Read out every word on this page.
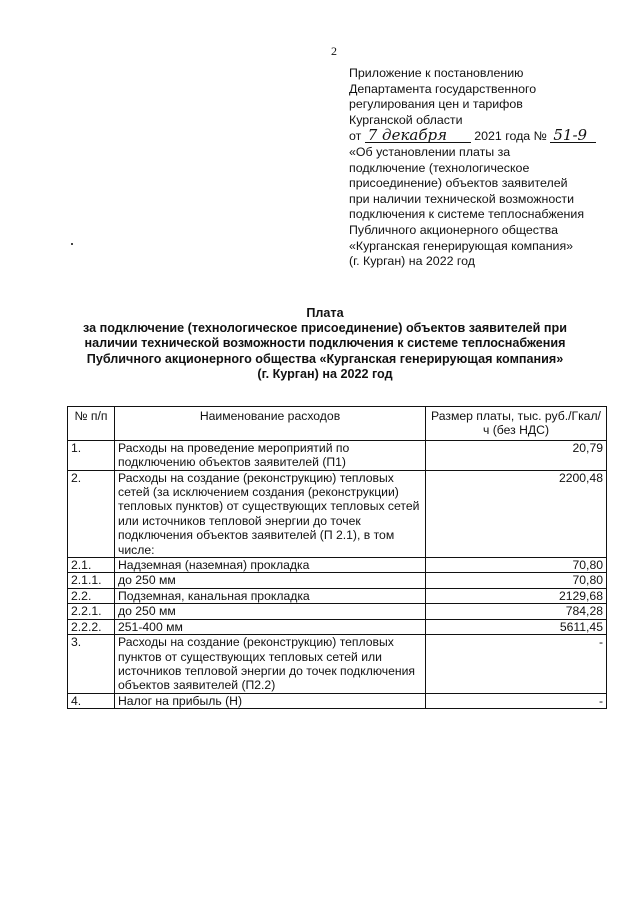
2
Приложение к постановлению
Департамента государственного
регулирования цен и тарифов
Курганской области
от 7 декабря 2021 года № 51-9
«Об установлении платы за
подключение (технологическое
присоединение) объектов заявителей
при наличии технической возможности
подключения к системе теплоснабжения
Публичного акционерного общества
«Курганская генерирующая компания»
(г. Курган) на 2022 год
Плата
за подключение (технологическое присоединение) объектов заявителей при
наличии технической возможности подключения к системе теплоснабжения
Публичного акционерного общества «Курганская генерирующая компания»
(г. Курган) на 2022 год
№ п/п	Наименование расходов	Размер платы, тыс. руб./Гкал/ч (без НДС)
1.	Расходы на проведение мероприятий по подключению объектов заявителей (П1)	20,79
2.	Расходы на создание (реконструкцию) тепловых сетей (за исключением создания (реконструкции) тепловых пунктов) от существующих тепловых сетей или источников тепловой энергии до точек подключения объектов заявителей (П 2.1), в том числе:	2200,48
2.1.	Надземная (наземная) прокладка	70,80
2.1.1.	до 250 мм	70,80
2.2.	Подземная, канальная прокладка	2129,68
2.2.1.	до 250 мм	784,28
2.2.2.	251-400 мм	5611,45
3.	Расходы на создание (реконструкцию) тепловых пунктов от существующих тепловых сетей или источников тепловой энергии до точек подключения объектов заявителей (П2.2)	-
4.	Налог на прибыль (Н)	-
